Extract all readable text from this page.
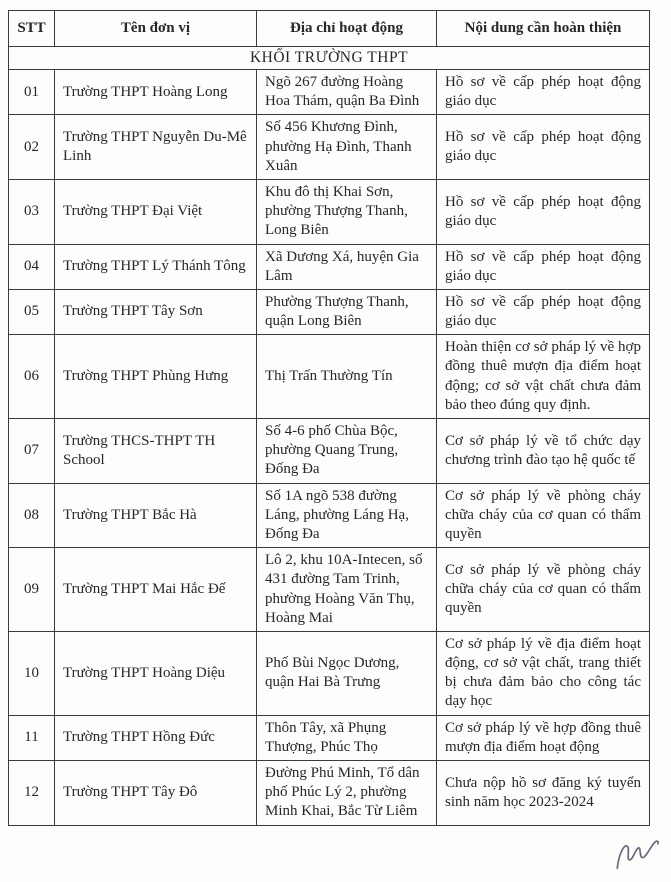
STT	Tên đơn vị	Địa chỉ hoạt động	Nội dung cần hoàn thiện
KHỐI TRƯỜNG THPT			
01	Trường THPT Hoàng Long	Ngõ 267 đường Hoàng Hoa Thám, quận Ba Đình	Hồ sơ về cấp phép hoạt động giáo dục
02	Trường THPT Nguyễn Du-Mê Linh	Số 456 Khương Đình, phường Hạ Đình, Thanh Xuân	Hồ sơ về cấp phép hoạt động giáo dục
03	Trường THPT Đại Việt	Khu đô thị Khai Sơn, phường Thượng Thanh, Long Biên	Hồ sơ về cấp phép hoạt động giáo dục
04	Trường THPT Lý Thánh Tông	Xã Dương Xá, huyện Gia Lâm	Hồ sơ về cấp phép hoạt động giáo dục
05	Trường THPT Tây Sơn	Phường Thượng Thanh, quận Long Biên	Hồ sơ về cấp phép hoạt động giáo dục
06	Trường THPT Phùng Hưng	Thị Trấn Thường Tín	Hoàn thiện cơ sở pháp lý về hợp đồng thuê mượn địa điểm hoạt động; cơ sở vật chất chưa đảm bảo theo đúng quy định.
07	Trường THCS-THPT TH School	Số 4-6 phố Chùa Bộc, phường Quang Trung, Đống Đa	Cơ sở pháp lý về tổ chức dạy chương trình đào tạo hệ quốc tế
08	Trường THPT Bắc Hà	Số 1A ngõ 538 đường Láng, phường Láng Hạ, Đống Đa	Cơ sở pháp lý về phòng cháy chữa cháy của cơ quan có thẩm quyền
09	Trường THPT Mai Hắc Đế	Lô 2, khu 10A-Intecen, số 431 đường Tam Trinh, phường Hoàng Văn Thụ, Hoàng Mai	Cơ sở pháp lý về phòng cháy chữa cháy của cơ quan có thẩm quyền
10	Trường THPT Hoàng Diệu	Phố Bùi Ngọc Dương, quận Hai Bà Trưng	Cơ sở pháp lý về địa điểm hoạt động, cơ sở vật chất, trang thiết bị chưa đảm bảo cho công tác dạy học
11	Trường THPT Hồng Đức	Thôn Tây, xã Phụng Thượng, Phúc Thọ	Cơ sở pháp lý về hợp đồng thuê mượn địa điểm hoạt động
12	Trường THPT Tây Đô	Đường Phú Minh, Tổ dân phố Phúc Lý 2, phường Minh Khai, Bắc Từ Liêm	Chưa nộp hồ sơ đăng ký tuyển sinh năm học 2023-2024
